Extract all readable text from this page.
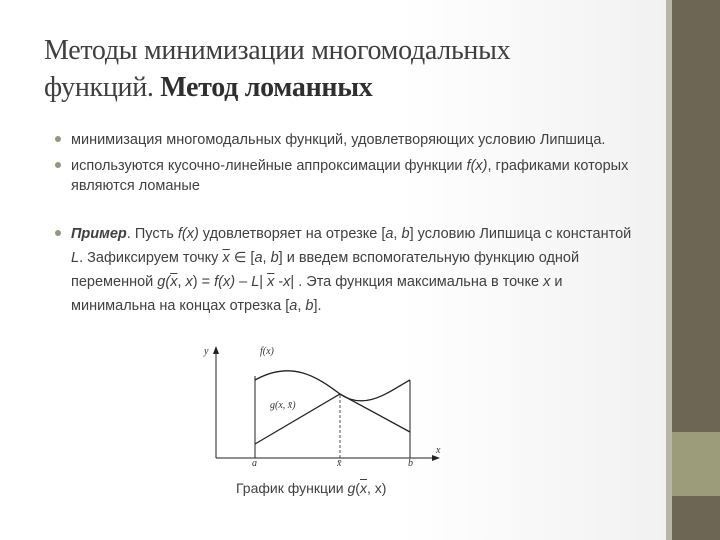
Методы минимизации многомодальных
функций. Метод ломанных
минимизация многомодальных функций, удовлетворяющих условию Липшица.
используются кусочно-линейные аппроксимации функции f(x), графиками которых являются ломаные
Пример. Пусть f(x) удовлетворяет на отрезке [a, b] условию Липшица с константой L. Зафиксируем точку $\overline{x}$ ∈ [a, b] и введем вспомогательную функцию одной переменной $g(\overline{x}$, x) = f(x) – L| $\overline{x}$ -x| . Эта функция максимальна в точке x и минимальна на концах отрезка [a, b].
y	f(x)
g(x, x̄)
a	x̄	b
x
График функции $g(\overline{x}$, x)
